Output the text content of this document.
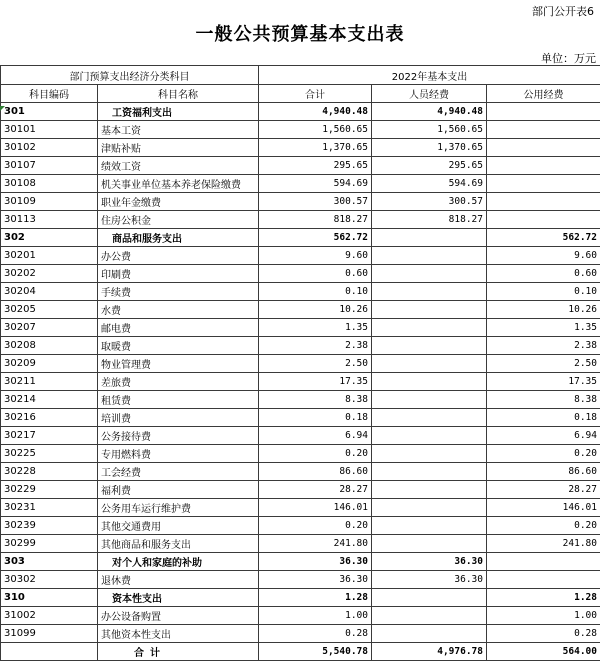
部门公开表6
一般公共预算基本支出表
单位：万元
部门预算支出经济分类科目		2022年基本支出		
科目编码	科目名称	合计	人员经费	公用经费
301	工资福利支出	4,940.48	4,940.48	
30101	基本工资	1,560.65	1,560.65	
30102	津贴补贴	1,370.65	1,370.65	
30107	绩效工资	295.65	295.65	
30108	机关事业单位基本养老保险缴费	594.69	594.69	
30109	职业年金缴费	300.57	300.57	
30113	住房公积金	818.27	818.27	
302	商品和服务支出	562.72		562.72
30201	办公费	9.60		9.60
30202	印刷费	0.60		0.60
30204	手续费	0.10		0.10
30205	水费	10.26		10.26
30207	邮电费	1.35		1.35
30208	取暖费	2.38		2.38
30209	物业管理费	2.50		2.50
30211	差旅费	17.35		17.35
30214	租赁费	8.38		8.38
30216	培训费	0.18		0.18
30217	公务接待费	6.94		6.94
30225	专用燃料费	0.20		0.20
30228	工会经费	86.60		86.60
30229	福利费	28.27		28.27
30231	公务用车运行维护费	146.01		146.01
30239	其他交通费用	0.20		0.20
30299	其他商品和服务支出	241.80		241.80
303	对个人和家庭的补助	36.30	36.30	
30302	退休费	36.30	36.30	
310	资本性支出	1.28		1.28
31002	办公设备购置	1.00		1.00
31099	其他资本性支出	0.28		0.28
	合计	5,540.78	4,976.78	564.00
